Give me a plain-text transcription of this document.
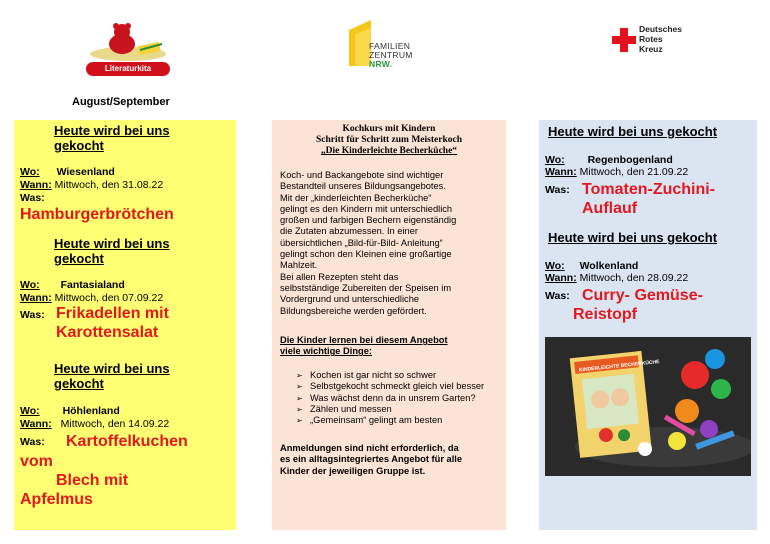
Literaturkita
FAMILIEN
ZENTRUM
NRW.
Deutsches
Rotes
Kreuz
August/September
Heute wird bei uns
gekocht
Wo: Wiesenland
Wann: Mittwoch, den 31.08.22
Was:
Hamburgerbrötchen
Heute wird bei uns
gekocht
Wo: Fantasialand
Wann: Mittwoch, den 07.09.22
Was: Frikadellen mit
Karottensalat
Heute wird bei uns
gekocht
Wo: Höhlenland
Wann: Mittwoch, den 14.09.22
Was: Kartoffelkuchen
vom
Blech mit
Apfelmus
Kochkurs mit Kindern
Schritt für Schritt zum Meisterkoch
„Die Kinderleichte Becherküche“
Koch- und Backangebote sind wichtiger
Bestandteil unseres Bildungsangebotes.
Mit der „kinderleichten Becherküche“
gelingt es den Kindern mit unterschiedlich
großen und farbigen Bechern eigenständig
die Zutaten abzumessen. In einer
übersichtlichen „Bild-für-Bild- Anleitung“
gelingt schon den Kleinen eine großartige
Mahlzeit.
Bei allen Rezepten steht das
selbstständige Zubereiten der Speisen im
Vordergrund und unterschiedliche
Bildungsbereiche werden gefördert.
Die Kinder lernen bei diesem Angebot
viele wichtige Dinge:
➢ Kochen ist gar nicht so schwer
➢ Selbstgekocht schmeckt gleich viel besser
➢ Was wächst denn da in unsrem Garten?
➢ Zählen und messen
➢ „Gemeinsam“ gelingt am besten
Anmeldungen sind nicht erforderlich, da
es ein alltagsintegriertes Angebot für alle
Kinder der jeweiligen Gruppe ist.
Heute wird bei uns gekocht
Wo: Regenbogenland
Wann: Mittwoch, den 21.09.22
Was: Tomaten-Zuchini-
Auflauf
Heute wird bei uns gekocht
Wo: Wolkenland
Wann: Mittwoch, den 28.09.22
Was: Curry- Gemüse-
Reistopf
KINDERLEICHTE BECHERKÜCHE
